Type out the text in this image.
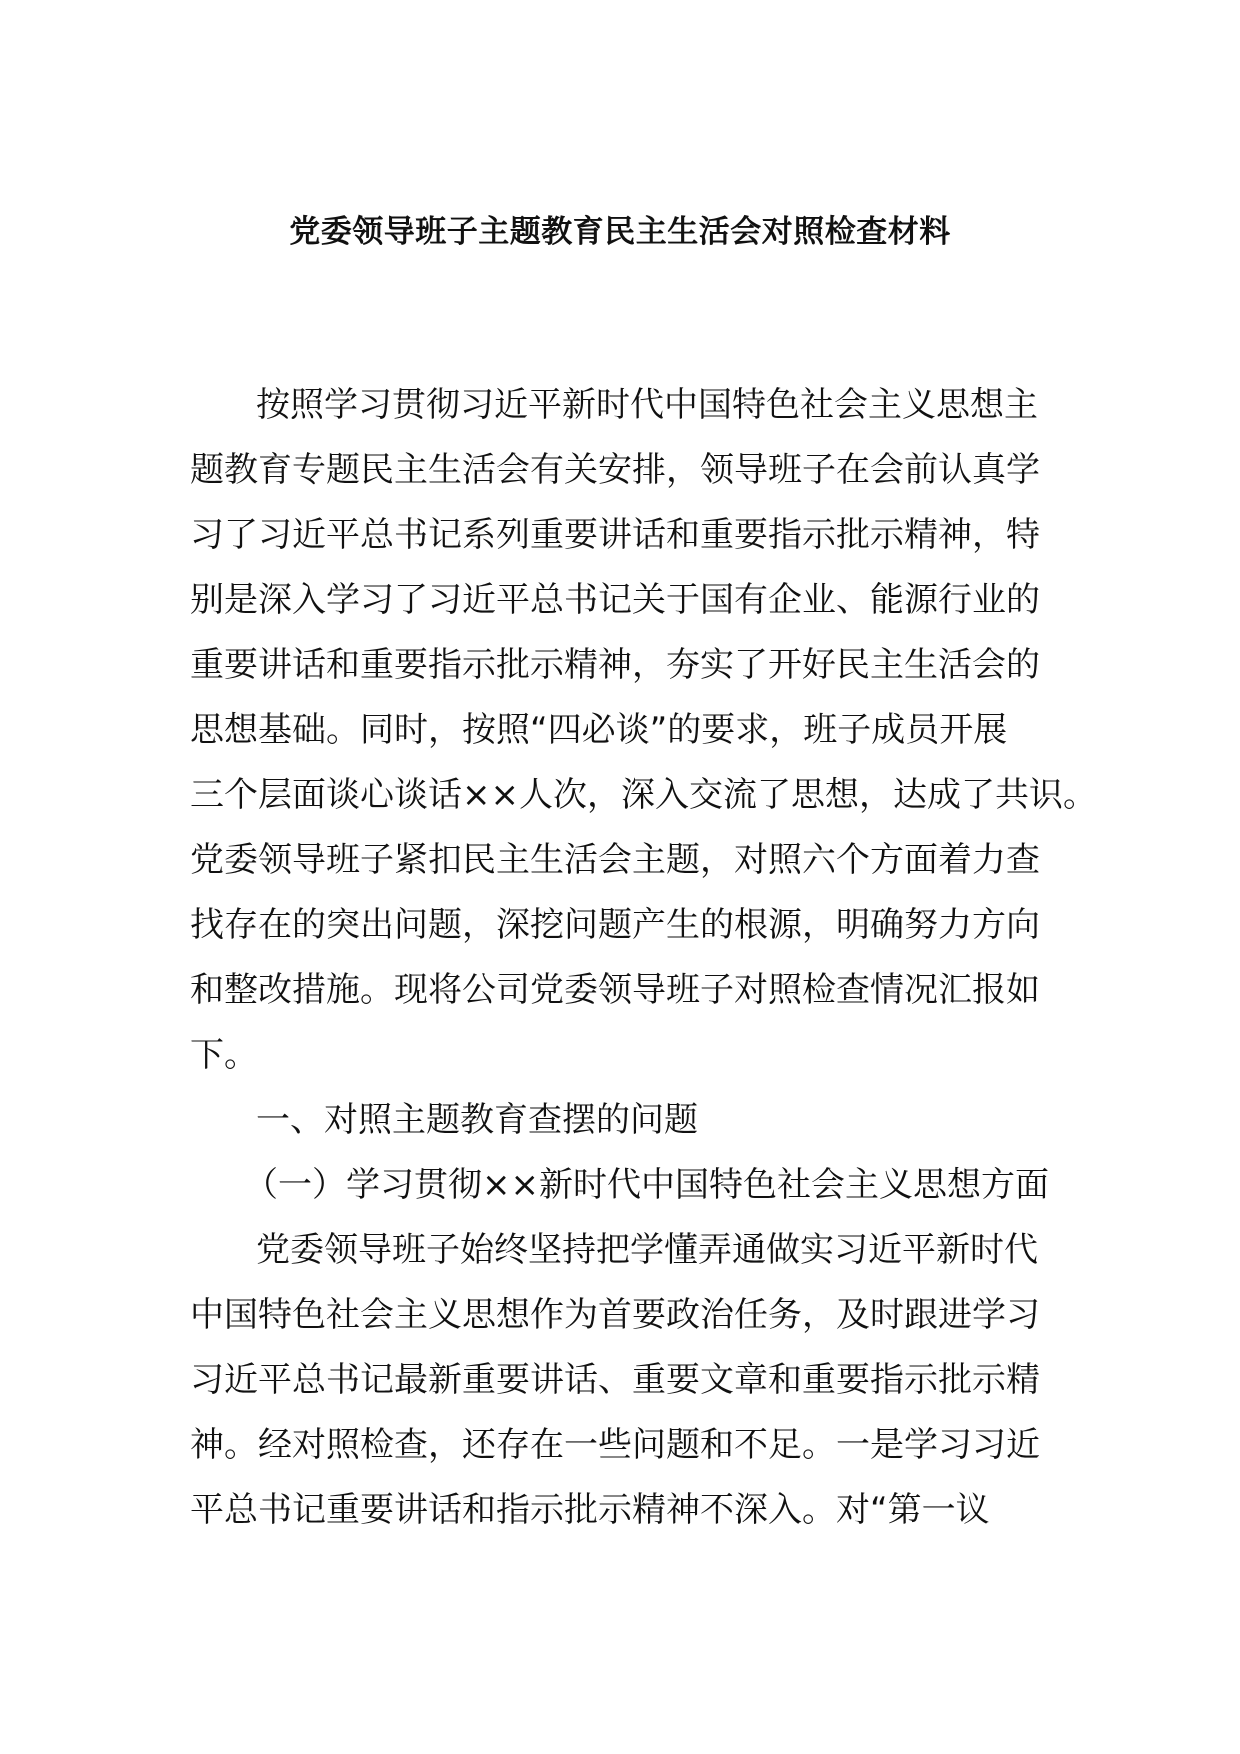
党委领导班子主题教育民主生活会对照检查材料
按照学习贯彻习近平新时代中国特色社会主义思想主
题教育专题民主生活会有关安排，领导班子在会前认真学
习了习近平总书记系列重要讲话和重要指示批示精神，特
别是深入学习了习近平总书记关于国有企业、能源行业的
重要讲话和重要指示批示精神，夯实了开好民主生活会的
思想基础。同时，按照“四必谈”的要求，班子成员开展
三个层面谈心谈话××人次，深入交流了思想，达成了共识。
党委领导班子紧扣民主生活会主题，对照六个方面着力查
找存在的突出问题，深挖问题产生的根源，明确努力方向
和整改措施。现将公司党委领导班子对照检查情况汇报如
下。
一、对照主题教育查摆的问题
（一）学习贯彻××新时代中国特色社会主义思想方面
党委领导班子始终坚持把学懂弄通做实习近平新时代
中国特色社会主义思想作为首要政治任务，及时跟进学习
习近平总书记最新重要讲话、重要文章和重要指示批示精
神。经对照检查，还存在一些问题和不足。一是学习习近
平总书记重要讲话和指示批示精神不深入。对“第一议
